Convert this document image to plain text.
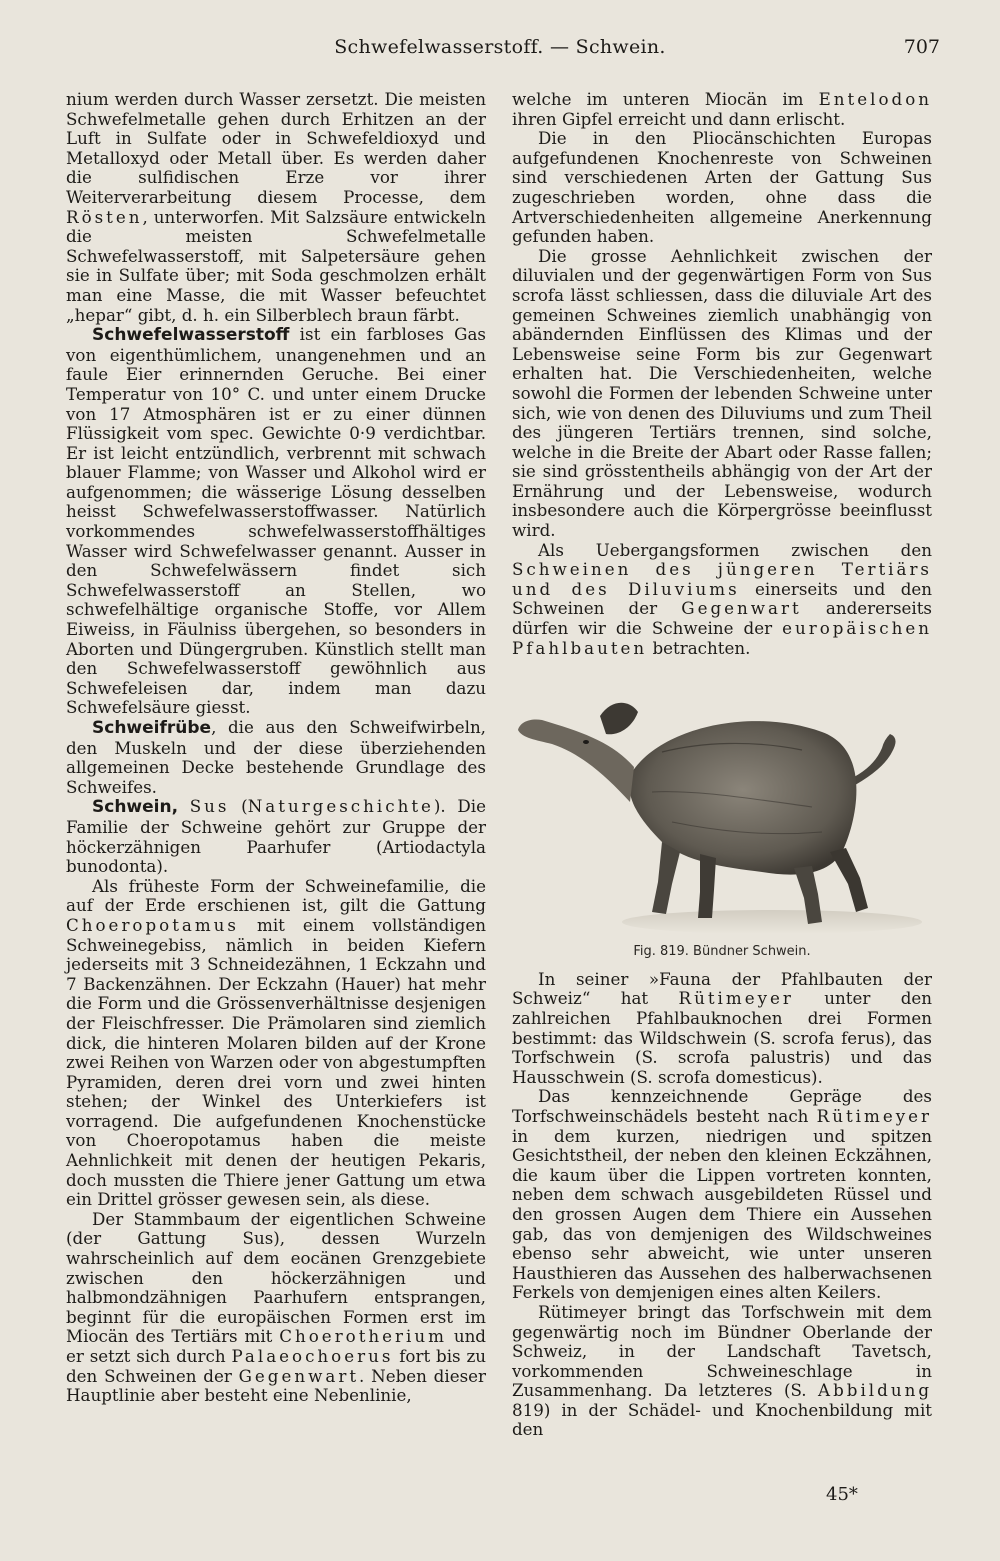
Schwefelwasserstoff. — Schwein.	707

nium werden durch Wasser zersetzt. Die meisten Schwefelmetalle gehen durch Erhitzen an der Luft in Sulfate oder in Schwefeldioxyd und Metalloxyd oder Metall über. Es werden daher die sulfidischen Erze vor ihrer Weiterverarbeitung diesem Processe, dem Rösten, unterworfen. Mit Salzsäure entwickeln die meisten Schwefelmetalle Schwefelwasserstoff, mit Salpetersäure gehen sie in Sulfate über; mit Soda geschmolzen erhält man eine Masse, die mit Wasser befeuchtet „hepar“ gibt, d. h. ein Silberblech braun färbt.

Schwefelwasserstoff ist ein farbloses Gas von eigenthümlichem, unangenehmen und an faule Eier erinnernden Geruche. Bei einer Temperatur von 10° C. und unter einem Drucke von 17 Atmosphären ist er zu einer dünnen Flüssigkeit vom spec. Gewichte 0·9 verdichtbar. Er ist leicht entzündlich, verbrennt mit schwach blauer Flamme; von Wasser und Alkohol wird er aufgenommen; die wässerige Lösung desselben heisst Schwefelwasserstoffwasser. Natürlich vorkommendes schwefelwasserstoffhältiges Wasser wird Schwefelwasser genannt. Ausser in den Schwefelwässern findet sich Schwefelwasserstoff an Stellen, wo schwefelhältige organische Stoffe, vor Allem Eiweiss, in Fäulniss übergehen, so besonders in Aborten und Düngergruben. Künstlich stellt man den Schwefelwasserstoff gewöhnlich aus Schwefeleisen dar, indem man dazu Schwefelsäure giesst.

Schweifrübe, die aus den Schweifwirbeln, den Muskeln und der diese überziehenden allgemeinen Decke bestehende Grundlage des Schweifes.

Schwein, Sus (Naturgeschichte). Die Familie der Schweine gehört zur Gruppe der höckerzähnigen Paarhufer (Artiodactyla bunodonta).

Als früheste Form der Schweinefamilie, die auf der Erde erschienen ist, gilt die Gattung Choeropotamus mit einem vollständigen Schweinegebiss, nämlich in beiden Kiefern jederseits mit 3 Schneidezähnen, 1 Eckzahn und 7 Backenzähnen. Der Eckzahn (Hauer) hat mehr die Form und die Grössenverhältnisse desjenigen der Fleischfresser. Die Prämolaren sind ziemlich dick, die hinteren Molaren bilden auf der Krone zwei Reihen von Warzen oder von abgestumpften Pyramiden, deren drei vorn und zwei hinten stehen; der Winkel des Unterkiefers ist vorragend. Die aufgefundenen Knochenstücke von Choeropotamus haben die meiste Aehnlichkeit mit denen der heutigen Pekaris, doch mussten die Thiere jener Gattung um etwa ein Drittel grösser gewesen sein, als diese.

Der Stammbaum der eigentlichen Schweine (der Gattung Sus), dessen Wurzeln wahrscheinlich auf dem eocänen Grenzgebiete zwischen den höckerzähnigen und halbmondzähnigen Paarhufern entsprangen, beginnt für die europäischen Formen erst im Miocän des Tertiärs mit Choerotherium und er setzt sich durch Palaeochoerus fort bis zu den Schweinen der Gegenwart. Neben dieser Hauptlinie aber besteht eine Nebenlinie,

welche im unteren Miocän im Entelodon ihren Gipfel erreicht und dann erlischt.

Die in den Pliocänschichten Europas aufgefundenen Knochenreste von Schweinen sind verschiedenen Arten der Gattung Sus zugeschrieben worden, ohne dass die Artverschiedenheiten allgemeine Anerkennung gefunden haben.

Die grosse Aehnlichkeit zwischen der diluvialen und der gegenwärtigen Form von Sus scrofa lässt schliessen, dass die diluviale Art des gemeinen Schweines ziemlich unabhängig von abändernden Einflüssen des Klimas und der Lebensweise seine Form bis zur Gegenwart erhalten hat. Die Verschiedenheiten, welche sowohl die Formen der lebenden Schweine unter sich, wie von denen des Diluviums und zum Theil des jüngeren Tertiärs trennen, sind solche, welche in die Breite der Abart oder Rasse fallen; sie sind grösstentheils abhängig von der Art der Ernährung und der Lebensweise, wodurch insbesondere auch die Körpergrösse beeinflusst wird.

Als Uebergangsformen zwischen den Schweinen des jüngeren Tertiärs und des Diluviums einerseits und den Schweinen der Gegenwart andererseits dürfen wir die Schweine der europäischen Pfahlbauten betrachten.

Fig. 819. Bündner Schwein.

In seiner »Fauna der Pfahlbauten der Schweiz“ hat Rütimeyer unter den zahlreichen Pfahlbauknochen drei Formen bestimmt: das Wildschwein (S. scrofa ferus), das Torfschwein (S. scrofa palustris) und das Hausschwein (S. scrofa domesticus).

Das kennzeichnende Gepräge des Torfschweinschädels besteht nach Rütimeyer in dem kurzen, niedrigen und spitzen Gesichtstheil, der neben den kleinen Eckzähnen, die kaum über die Lippen vortreten konnten, neben dem schwach ausgebildeten Rüssel und den grossen Augen dem Thiere ein Aussehen gab, das von demjenigen des Wildschweines ebenso sehr abweicht, wie unter unseren Hausthieren das Aussehen des halberwachsenen Ferkels von demjenigen eines alten Keilers.

Rütimeyer bringt das Torfschwein mit dem gegenwärtig noch im Bündner Oberlande der Schweiz, in der Landschaft Tavetsch, vorkommenden Schweineschlage in Zusammenhang. Da letzteres (S. Abbildung 819) in der Schädel- und Knochenbildung mit den

45*
